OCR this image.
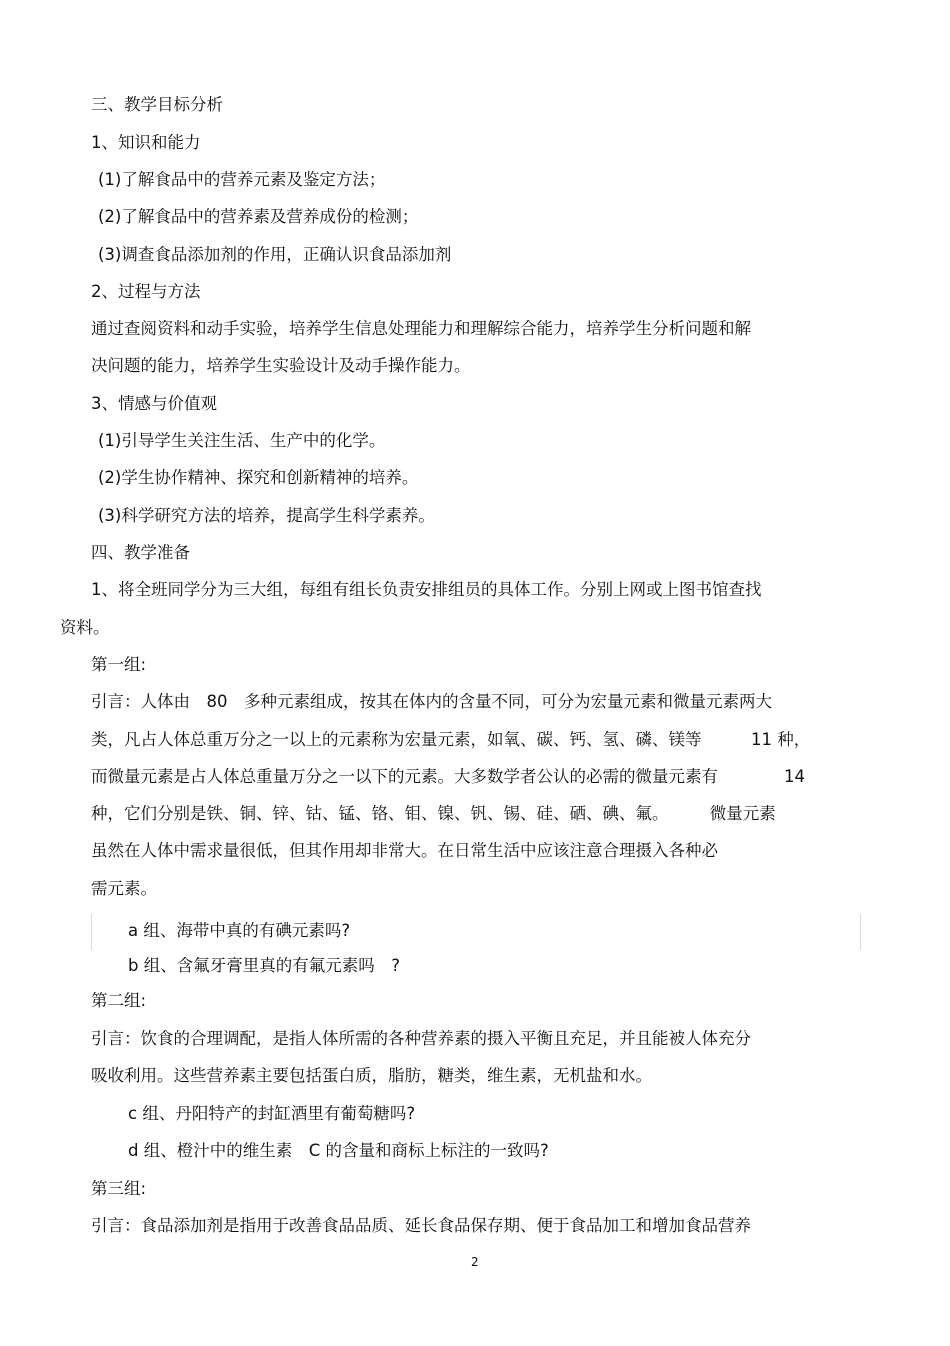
三、教学目标分析
1、知识和能力
(1)了解食品中的营养元素及鉴定方法；
(2)了解食品中的营养素及营养成份的检测；
(3)调查食品添加剂的作用，正确认识食品添加剂
2、过程与方法
通过查阅资料和动手实验，培养学生信息处理能力和理解综合能力，培养学生分析问题和解
决问题的能力，培养学生实验设计及动手操作能力。
3、情感与价值观
(1)引导学生关注生活、生产中的化学。
(2)学生协作精神、探究和创新精神的培养。
(3)科学研究方法的培养，提高学生科学素养。
四、教学准备
1、将全班同学分为三大组，每组有组长负责安排组员的具体工作。分别上网或上图书馆查找
资料。
第一组:
引言：人体由　80　多种元素组成，按其在体内的含量不同，可分为宏量元素和微量元素两大
类，凡占人体总重万分之一以上的元素称为宏量元素，如氧、碳、钙、氢、磷、镁等　　　11 种，
而微量元素是占人体总重量万分之一以下的元素。大多数学者公认的必需的微量元素有　　　　14
种，它们分别是铁、铜、锌、钴、锰、铬、钼、镍、钒、锡、硅、硒、碘、氟。　　　微量元素
虽然在人体中需求量很低，但其作用却非常大。在日常生活中应该注意合理摄入各种必
需元素。
a 组、海带中真的有碘元素吗?
b 组、含氟牙膏里真的有氟元素吗　?
第二组:
引言：饮食的合理调配，是指人体所需的各种营养素的摄入平衡且充足，并且能被人体充分
吸收利用。这些营养素主要包括蛋白质，脂肪，糖类，维生素，无机盐和水。
c 组、丹阳特产的封缸酒里有葡萄糖吗?
d 组、橙汁中的维生素　C 的含量和商标上标注的一致吗?
第三组:
引言：食品添加剂是指用于改善食品品质、延长食品保存期、便于食品加工和增加食品营养
2
